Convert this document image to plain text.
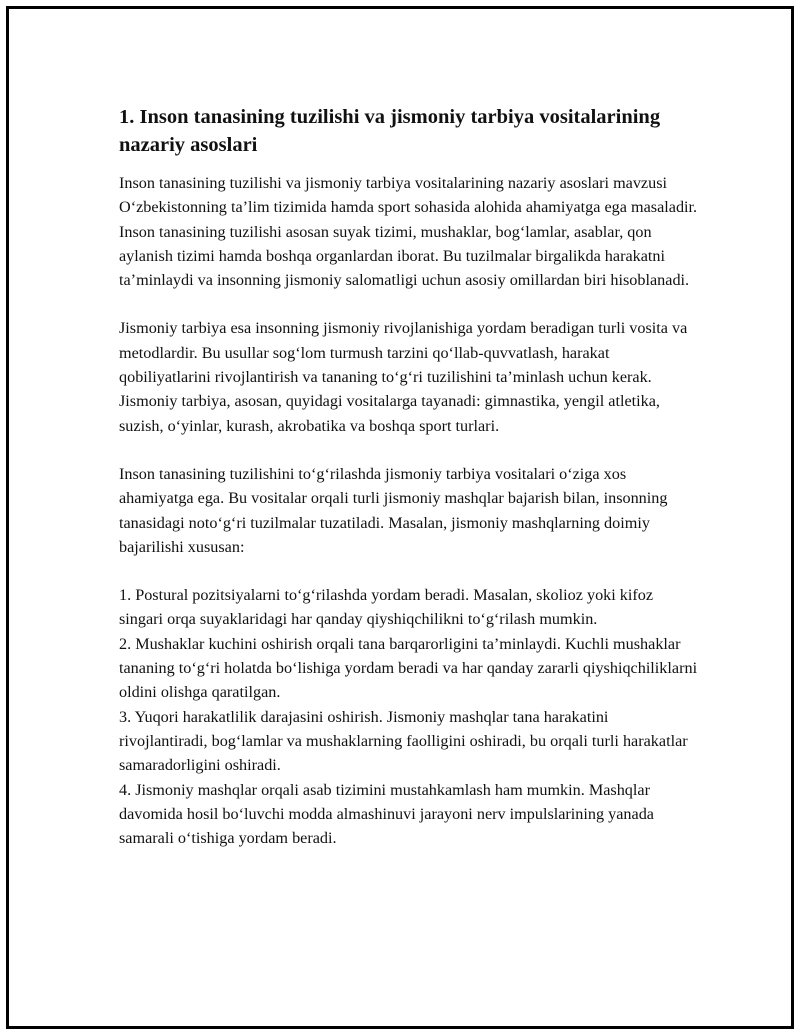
1. Inson tanasining tuzilishi va jismoniy tarbiya vositalarining nazariy asoslari

Inson tanasining tuzilishi va jismoniy tarbiya vositalarining nazariy asoslari mavzusi O‘zbekistonning ta’lim tizimida hamda sport sohasida alohida ahamiyatga ega masaladir. Inson tanasining tuzilishi asosan suyak tizimi, mushaklar, bog‘lamlar, asablar, qon aylanish tizimi hamda boshqa organlardan iborat. Bu tuzilmalar birgalikda harakatni ta’minlaydi va insonning jismoniy salomatligi uchun asosiy omillardan biri hisoblanadi.

Jismoniy tarbiya esa insonning jismoniy rivojlanishiga yordam beradigan turli vosita va metodlardir. Bu usullar sog‘lom turmush tarzini qo‘llab-quvvatlash, harakat qobiliyatlarini rivojlantirish va tananing to‘g‘ri tuzilishini ta’minlash uchun kerak. Jismoniy tarbiya, asosan, quyidagi vositalarga tayanadi: gimnastika, yengil atletika, suzish, o‘yinlar, kurash, akrobatika va boshqa sport turlari.

Inson tanasining tuzilishini to‘g‘rilashda jismoniy tarbiya vositalari o‘ziga xos ahamiyatga ega. Bu vositalar orqali turli jismoniy mashqlar bajarish bilan, insonning tanasidagi noto‘g‘ri tuzilmalar tuzatiladi. Masalan, jismoniy mashqlarning doimiy bajarilishi xususan:

1. Postural pozitsiyalarni to‘g‘rilashda yordam beradi. Masalan, skolioz yoki kifoz singari orqa suyaklaridagi har qanday qiyshiqchilikni to‘g‘rilash mumkin.
2. Mushaklar kuchini oshirish orqali tana barqarorligini ta’minlaydi. Kuchli mushaklar tananing to‘g‘ri holatda bo‘lishiga yordam beradi va har qanday zararli qiyshiqchiliklarni oldini olishga qaratilgan.
3. Yuqori harakatlilik darajasini oshirish. Jismoniy mashqlar tana harakatini rivojlantiradi, bog‘lamlar va mushaklarning faolligini oshiradi, bu orqali turli harakatlar samaradorligini oshiradi.
4. Jismoniy mashqlar orqali asab tizimini mustahkamlash ham mumkin. Mashqlar davomida hosil bo‘luvchi modda almashinuvi jarayoni nerv impulslarining yanada samarali o‘tishiga yordam beradi.
